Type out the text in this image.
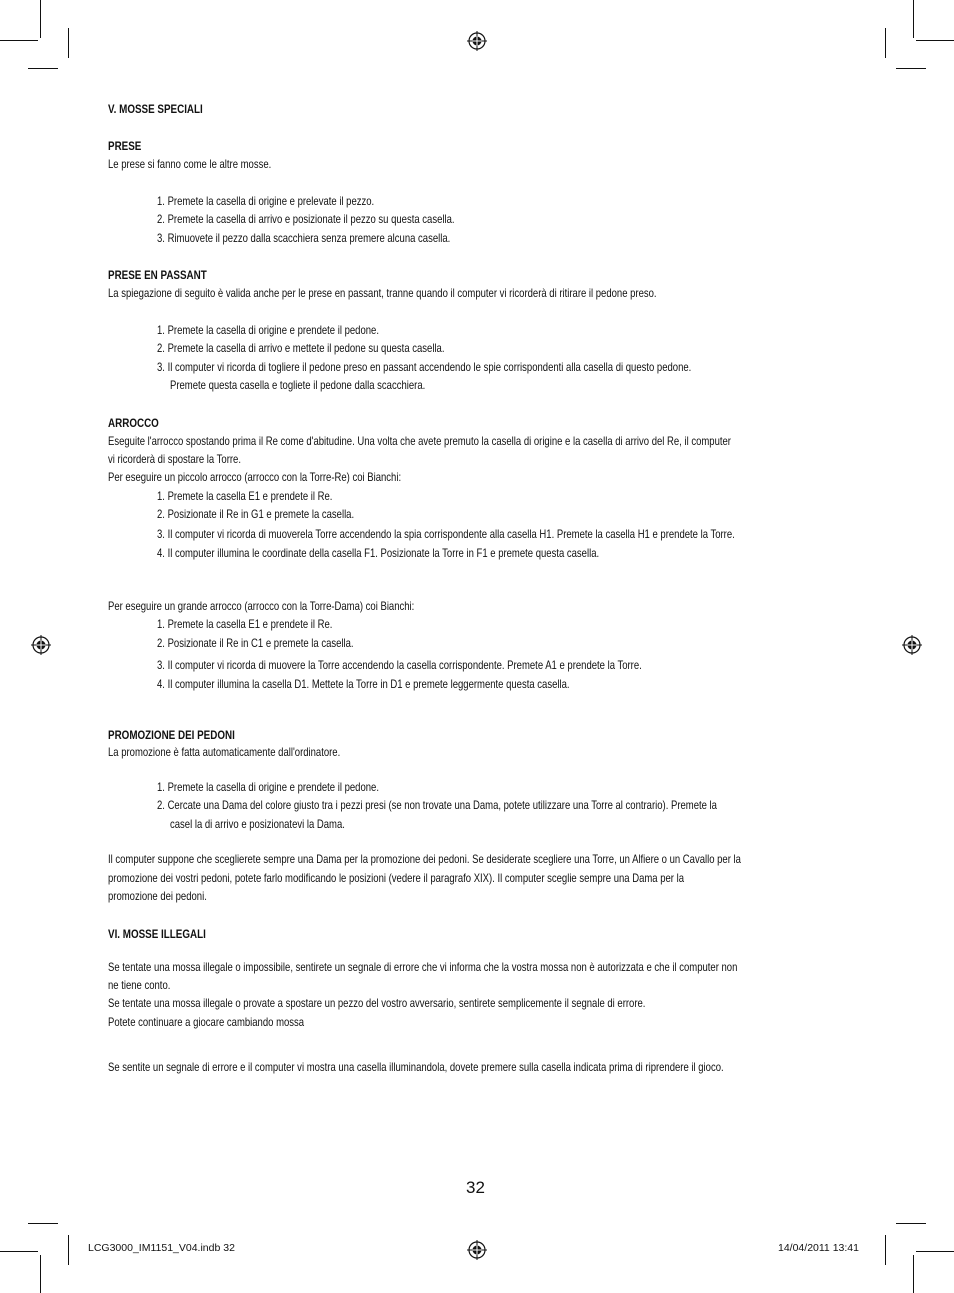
V. MOSSE SPECIALI
PRESE
Le prese si fanno come le altre mosse.
1. Premete la casella di origine e prelevate il pezzo.
2. Premete la casella di arrivo e posizionate il pezzo su questa casella.
3. Rimuovete il pezzo dalla scacchiera senza premere alcuna casella.
PRESE EN PASSANT
La spiegazione di seguito è valida anche per le prese en passant, tranne quando il computer vi ricorderà di ritirare il pedone preso.
1. Premete la casella di origine e prendete il pedone.
2. Premete la casella di arrivo e mettete il pedone su questa casella.
3. Il computer vi ricorda di togliere il pedone preso en passant accendendo le spie corrispondenti alla casella di questo pedone.
Premete questa casella e togliete il pedone dalla scacchiera.
ARROCCO
Eseguite l'arrocco spostando prima il Re come d'abitudine. Una volta che avete premuto la casella di origine e la casella di arrivo del Re, il computer
vi ricorderà di spostare la Torre.
Per eseguire un piccolo arrocco (arrocco con la Torre-Re) coi Bianchi:
1. Premete la casella E1 e prendete il Re.
2. Posizionate il Re in G1 e premete la casella.
3. Il computer vi ricorda di muoverela Torre accendendo la spia corrispondente alla casella H1. Premete la casella H1 e prendete la Torre.
4. Il computer illumina le coordinate della casella F1. Posizionate la Torre in F1 e premete questa casella.
Per eseguire un grande arrocco (arrocco con la Torre-Dama) coi Bianchi:
1. Premete la casella E1 e prendete il Re.
2. Posizionate il Re in C1 e premete la casella.
3. Il computer vi ricorda di muovere la Torre accendendo la casella corrispondente. Premete A1 e prendete la Torre.
4. Il computer illumina la casella D1. Mettete la Torre in D1 e premete leggermente questa casella.
PROMOZIONE DEI PEDONI
La promozione è fatta automaticamente dall'ordinatore.
1. Premete la casella di origine e prendete il pedone.
2. Cercate una Dama del colore giusto tra i pezzi presi (se non trovate una Dama, potete utilizzare una Torre al contrario). Premete la
casel la di arrivo e posizionatevi la Dama.
Il computer suppone che sceglierete sempre una Dama per la promozione dei pedoni. Se desiderate scegliere una Torre, un Alfiere o un Cavallo per la
promozione dei vostri pedoni, potete farlo modificando le posizioni (vedere il paragrafo XIX). Il computer sceglie sempre una Dama per la
promozione dei pedoni.
VI. MOSSE ILLEGALI
Se tentate una mossa illegale o impossibile, sentirete un segnale di errore che vi informa che la vostra mossa non è autorizzata e che il computer non
ne tiene conto.
Se tentate una mossa illegale o provate a spostare un pezzo del vostro avversario, sentirete semplicemente il segnale di errore.
Potete continuare a giocare cambiando mossa
Se sentite un segnale di errore e il computer vi mostra una casella illuminandola, dovete premere sulla casella indicata prima di riprendere il gioco.
32
LCG3000_IM1151_V04.indb 32	14/04/2011 13:41
